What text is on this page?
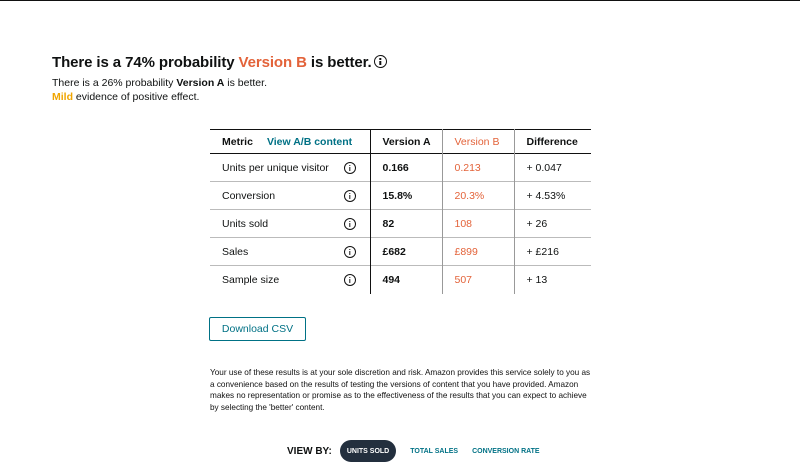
There is a 74% probability Version B is better.
There is a 26% probability Version A is better.
Mild evidence of positive effect.
Metric View A/B content	Version A	Version B	Difference

Units per unique visitor	0.166	0.213	+ 0.047

Conversion	15.8%	20.3%	+ 4.53%

Units sold	82	108	+ 26

Sales	£682	£899	+ £216

Sample size	494	507	+ 13
Download CSV

Your use of these results is at your sole discretion and risk. Amazon provides this service solely to you as a convenience based on the results of testing the versions of content that you have provided. Amazon makes no representation or promise as to the effectiveness of the results that you can expect to achieve by selecting the 'better' content.

VIEW BY:	UNITS SOLD	TOTAL SALES CONVERSION RATE
